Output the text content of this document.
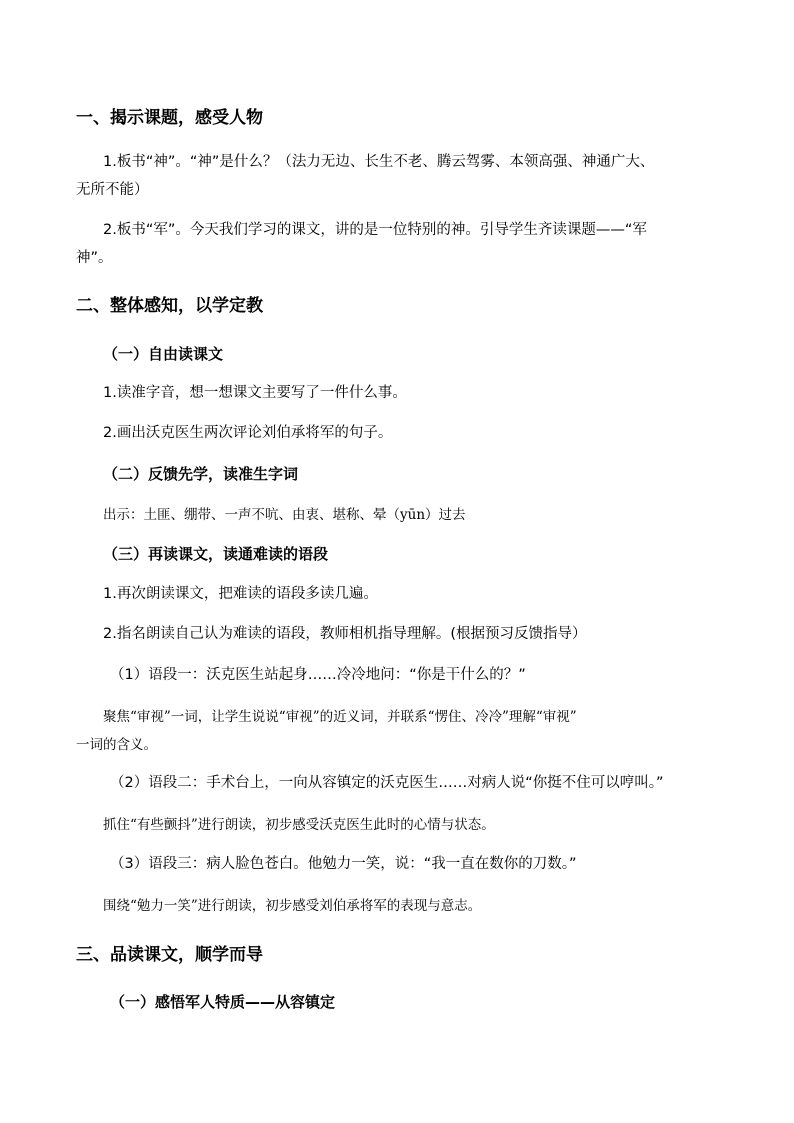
一、揭示课题，感受人物
1.板书“神”。“神”是什么？（法力无边、长生不老、腾云驾雾、本领高强、神通广大、
无所不能）
2.板书“军”。今天我们学习的课文，讲的是一位特别的神。引导学生齐读课题——“军
神”。
二、整体感知，以学定教
（一）自由读课文
1.读准字音，想一想课文主要写了一件什么事。
2.画出沃克医生两次评论刘伯承将军的句子。
（二）反馈先学，读准生字词
出示：土匪、绷带、一声不吭、由衷、堪称、晕（yūn）过去
（三）再读课文，读通难读的语段
1.再次朗读课文，把难读的语段多读几遍。
2.指名朗读自己认为难读的语段，教师相机指导理解。(根据预习反馈指导）
（1）语段一：沃克医生站起身……冷冷地问：“你是干什么的？”
聚焦“审视”一词，让学生说说“审视”的近义词，并联系“愣住、冷冷”理解“审视”
一词的含义。
（2）语段二：手术台上，一向从容镇定的沃克医生……对病人说“你挺不住可以哼叫。”
抓住“有些颤抖”进行朗读，初步感受沃克医生此时的心情与状态。
（3）语段三：病人脸色苍白。他勉力一笑，说：“我一直在数你的刀数。”
围绕“勉力一笑”进行朗读，初步感受刘伯承将军的表现与意志。
三、品读课文，顺学而导
（一）感悟军人特质——从容镇定
